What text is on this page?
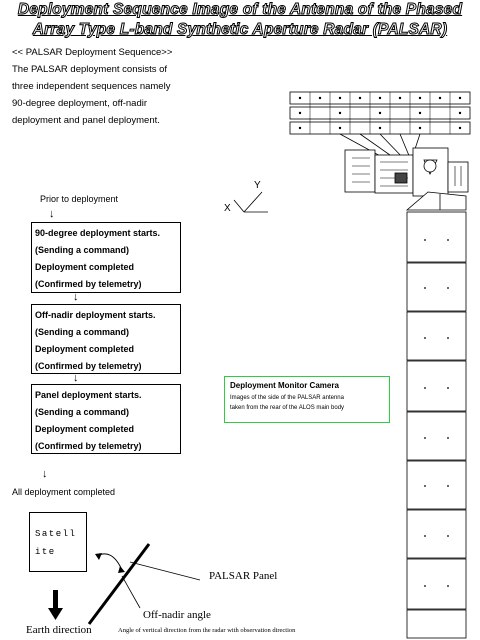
Deployment Sequence Image of the Antenna of the Phased
Array Type L-band Synthetic Aperture Radar (PALSAR)
<< PALSAR Deployment Sequence>>
The PALSAR deployment consists of
three independent sequences namely
90-degree deployment, off-nadir
deployment and panel deployment.
Prior to deployment
↓
90-degree deployment starts.
(Sending a command)
Deployment completed
(Confirmed by telemetry)
↓
Off-nadir deployment starts.
(Sending a command)
Deployment completed
(Confirmed by telemetry)
↓
Panel deployment starts.
(Sending a command)
Deployment completed
(Confirmed by telemetry)
↓
All deployment completed
Y
X
Deployment Monitor Camera
Images of the side of the PALSAR antenna
taken from the rear of the ALOS main body
Satellite
PALSAR Panel
Off-nadir angle
Earth direction	Angle of vertical direction from the radar with observation direction
